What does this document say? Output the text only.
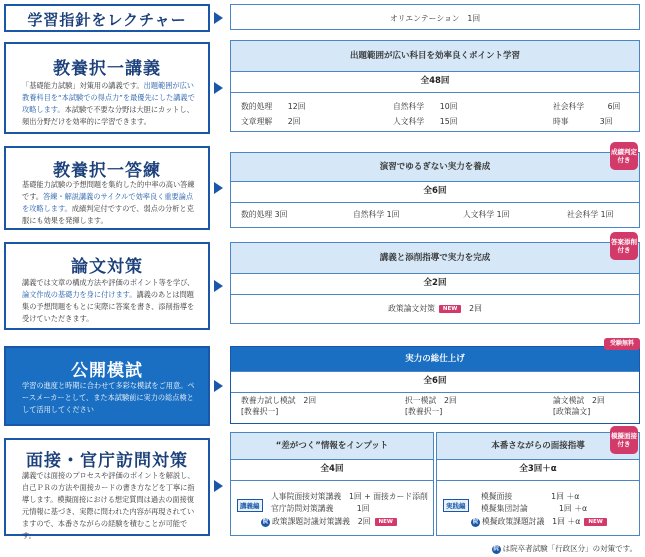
学習指針をレクチャー	オリエンテーション　1回
教養択一講義
「基礎能力試験」対策用の講義です。出題範囲が広い教養科目を“本試験での得点力”を最優先にした講義で攻略します。本試験で不要な分野は大胆にカットし、頻出分野だけを効率的に学習できます。
出題範囲が広い科目を効率良くポイント学習
全48回
数的処理　　 12回	自然科学　　 10回	社会科学　　　	6回
文章理解　　 2回	人文科学　　 15回	時事　　　　	3回
教養択一答練
基礎能力試験の予想問題を集約した的中率の高い答練です。答練・解説講義のサイクルで効率良く重要論点を攻略します。成績判定付ですので、弱点の分析と克服にも効果を発揮します。
演習でゆるぎない実力を養成
全6回
数的処理 3回	自然科学 1回	人文科学 1回	社会科学 1回
成績判定付き
論文対策
講義では文章の構成方法や評価のポイント等を学び、論文作成の基礎力を身に付けます。講義のあとは問題集の予想問題をもとに実際に答案を書き、添削指導を受けていただきます。
講義と添削指導で実力を完成
全2回
政策論文対策 NEW　 2回
答案添削付き
公開模試
学習の進度と時期に合わせて多彩な模試をご用意。ペースメーカーとして、また本試験前に実力の総点検として活用してください
実力の総仕上げ
全6回
教養力試し模試　2回
[教養択一]
択一模試　2回
[教養択一]
論文模試　2回
[政策論文]
受験無料
面接・官庁訪問対策
講義では面接のプロセスや評価のポイントを解説し、自己ＰＲの方法や面接カードの書き方などを丁寧に指導します。模擬面接における想定質問は過去の面接復元情報に基づき、実際に問われた内容が再現されていますので、本番さながらの経験を積むことが可能です。
“差がつく”情報をインプット
全4回
講義編
人事院面接対策講義　 1回 + 面接カード添削
官庁訪問対策講義　　　	1回
院 政策課題討議対策講義　 2回 NEW
本番さながらの面接指導
全3回＋α
実践編
模擬面接　　　　　	1回 ＋α
模擬集団討論　　　　	1回 ＋α
院 模擬政策課題討議　 1回 ＋α NEW
模擬面接付き
院 は院卒者試験「行政区分」の対策です。
